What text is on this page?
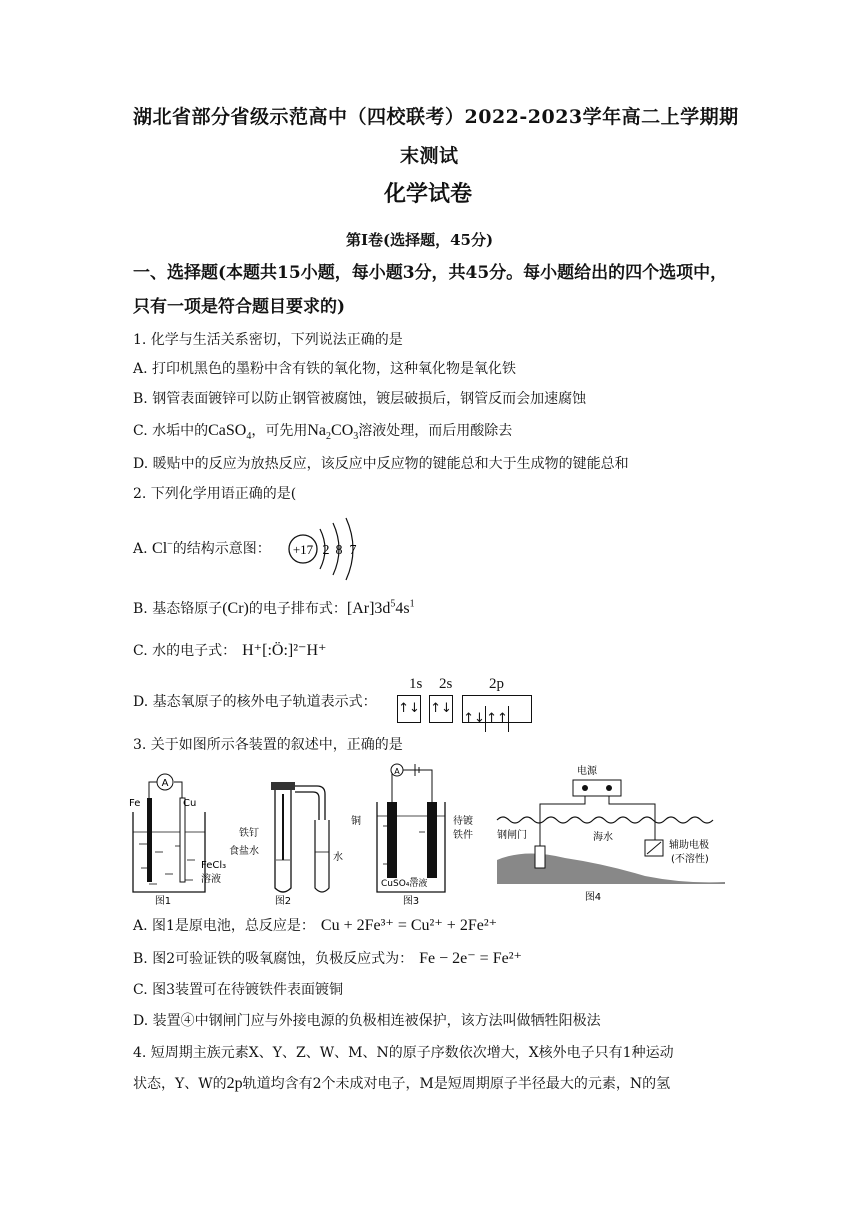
湖北省部分省级示范高中（四校联考）2022-2023学年高二上学期期
末测试
化学试卷
第Ⅰ卷(选择题，45分)
一、选择题(本题共15小题，每小题3分，共45分。每小题给出的四个选项中，
只有一项是符合题目要求的)
1. 化学与生活关系密切，下列说法正确的是
A. 打印机黑色的墨粉中含有铁的氧化物，这种氧化物是氧化铁
B. 钢管表面镀锌可以防止钢管被腐蚀，镀层破损后，钢管反而会加速腐蚀
C. 水垢中的CaSO$_4$，可先用$Na_2CO_3$溶液处理，而后用酸除去
D. 暖贴中的反应为放热反应，该反应中反应物的键能总和大于生成物的键能总和
2. 下列化学用语正确的是(
A. Cl−的结构示意图： +17 2 8 7
B. 基态铬原子(Cr)的电子排布式：$[Ar]3d^54s^1$
C. 水的电子式： H⁺[:Ö:]²⁻H⁺
D. 基态氧原子的核外电子轨道表示式：
1s 2s 2p
↑↓ ↑↓
↑↓↑↑
3. 关于如图所示各装置的叙述中，正确的是
A
Fe	Cu
FeCl₃
溶液
图1
铁钉
食盐水
水
图2
A
铜	待镀
铁件
CuSO₄溶液
图3
电源
钢闸门	海水
辅助电极
(不溶性)
图4
A. 图1是原电池，总反应是： Cu + 2Fe³⁺ = Cu²⁺ + 2Fe²⁺
B. 图2可验证铁的吸氧腐蚀，负极反应式为： Fe − 2e⁻ = Fe²⁺
C. 图3装置可在待镀铁件表面镀铜
D. 装置④中钢闸门应与外接电源的负极相连被保护，该方法叫做牺牲阳极法
4. 短周期主族元素X、Y、Z、W、M、N的原子序数依次增大，X核外电子只有1种运动
状态，Y、W的2p轨道均含有2个未成对电子，M是短周期原子半径最大的元素，N的氢
